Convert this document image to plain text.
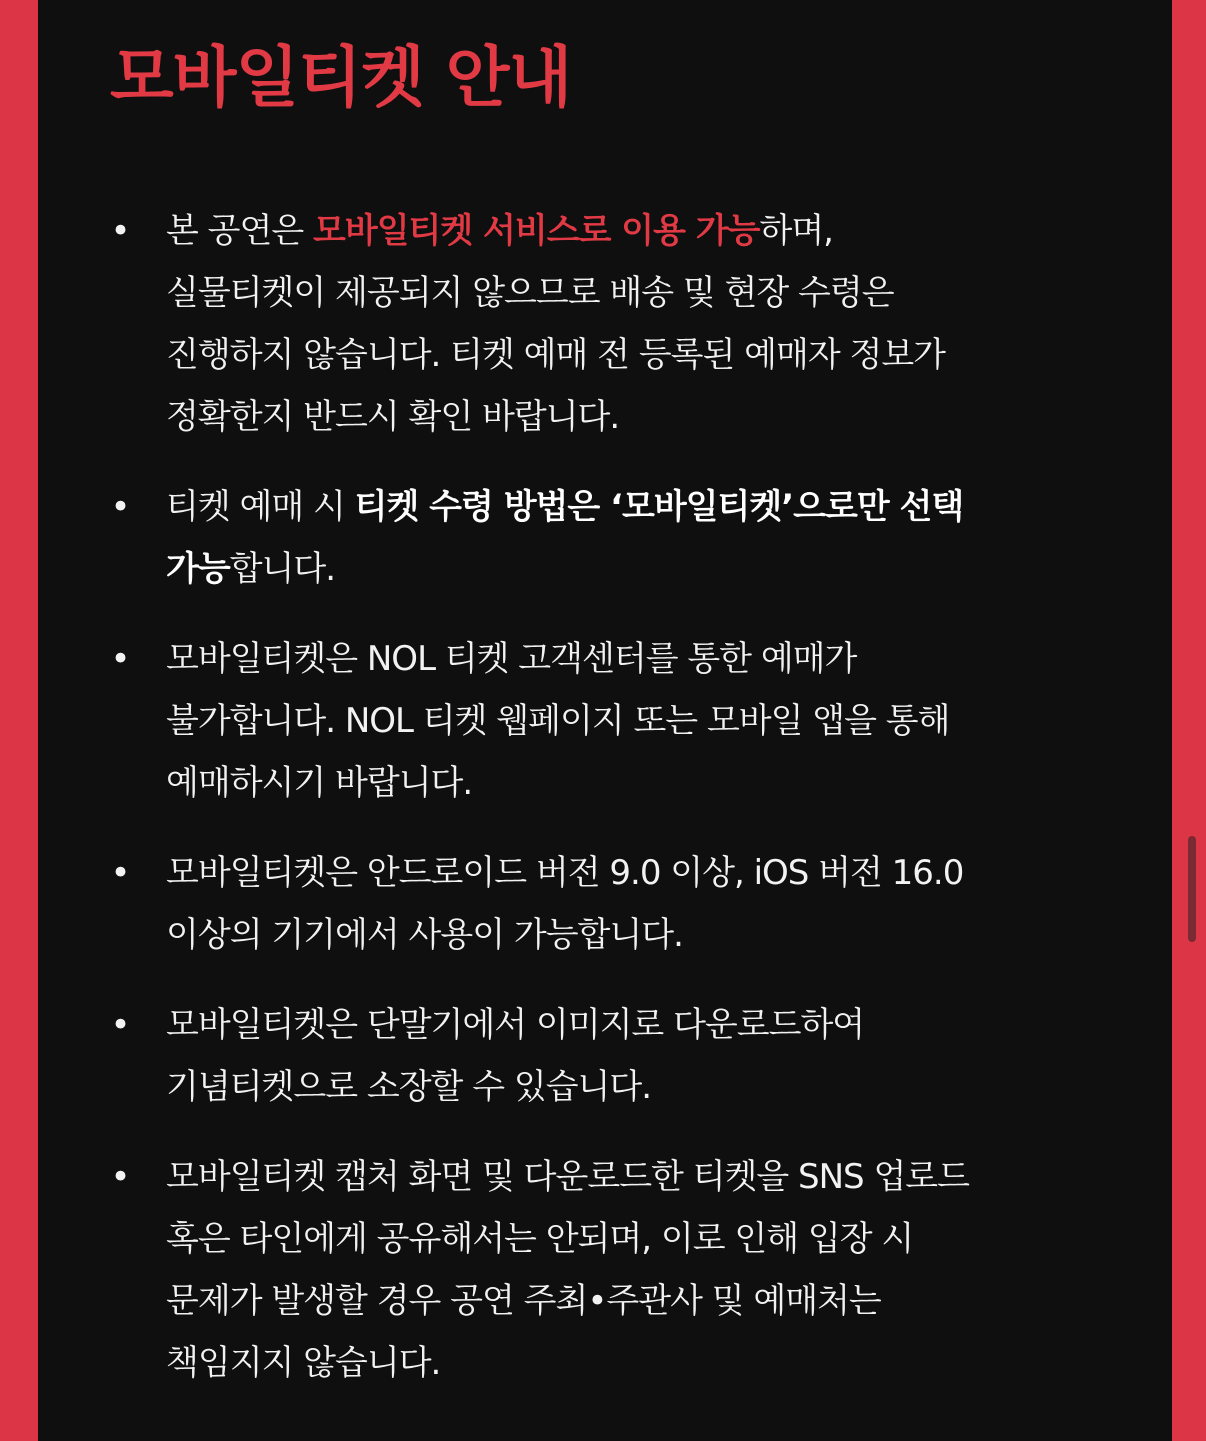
모바일티켓 안내
• 본 공연은 모바일티켓 서비스로 이용 가능하며,
실물티켓이 제공되지 않으므로 배송 및 현장 수령은
진행하지 않습니다. 티켓 예매 전 등록된 예매자 정보가
정확한지 반드시 확인 바랍니다.
• 티켓 예매 시 티켓 수령 방법은 ‘모바일티켓’으로만 선택
가능합니다.
• 모바일티켓은 NOL 티켓 고객센터를 통한 예매가
불가합니다. NOL 티켓 웹페이지 또는 모바일 앱을 통해
예매하시기 바랍니다.
• 모바일티켓은 안드로이드 버전 9.0 이상, iOS 버전 16.0
이상의 기기에서 사용이 가능합니다.
• 모바일티켓은 단말기에서 이미지로 다운로드하여
기념티켓으로 소장할 수 있습니다.
• 모바일티켓 캡처 화면 및 다운로드한 티켓을 SNS 업로드
혹은 타인에게 공유해서는 안되며, 이로 인해 입장 시
문제가 발생할 경우 공연 주최•주관사 및 예매처는
책임지지 않습니다.
